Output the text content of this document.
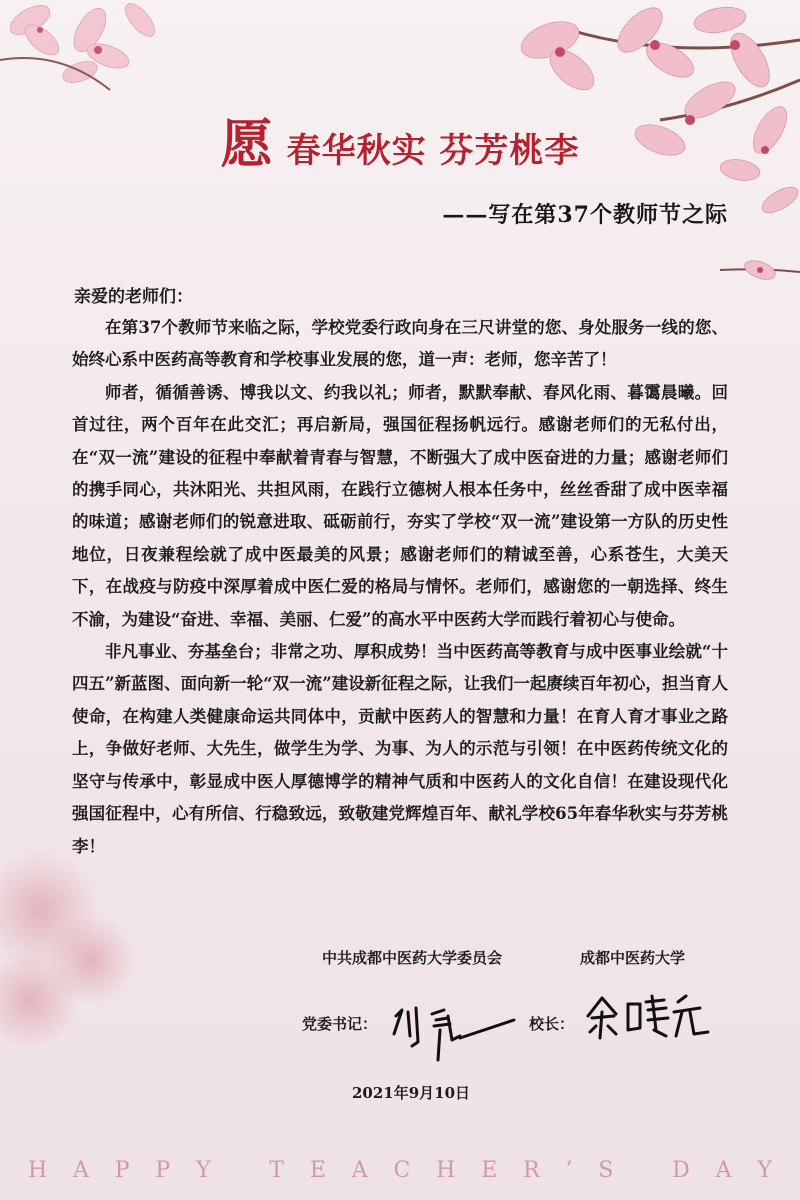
愿春华秋实 芬芳桃李
——写在第37个教师节之际
亲爱的老师们：

在第37个教师节来临之际，学校党委行政向身在三尺讲堂的您、身处服务一线的您、始终心系中医药高等教育和学校事业发展的您，道一声：老师，您辛苦了！

师者，循循善诱、博我以文、约我以礼；师者，默默奉献、春风化雨、暮霭晨曦。回首过往，两个百年在此交汇；再启新局，强国征程扬帆远行。感谢老师们的无私付出，在“双一流”建设的征程中奉献着青春与智慧，不断强大了成中医奋进的力量；感谢老师们的携手同心，共沐阳光、共担风雨，在践行立德树人根本任务中，丝丝香甜了成中医幸福的味道；感谢老师们的锐意进取、砥砺前行，夯实了学校“双一流”建设第一方队的历史性地位，日夜兼程绘就了成中医最美的风景；感谢老师们的精诚至善，心系苍生，大美天下，在战疫与防疫中深厚着成中医仁爱的格局与情怀。老师们，感谢您的一朝选择、终生不渝，为建设“奋进、幸福、美丽、仁爱”的高水平中医药大学而践行着初心与使命。

非凡事业、夯基垒台；非常之功、厚积成势！当中医药高等教育与成中医事业绘就“十四五”新蓝图、面向新一轮“双一流”建设新征程之际，让我们一起赓续百年初心，担当育人使命，在构建人类健康命运共同体中，贡献中医药人的智慧和力量！在育人育才事业之路上，争做好老师、大先生，做学生为学、为事、为人的示范与引领！在中医药传统文化的坚守与传承中，彰显成中医人厚德博学的精神气质和中医药人的文化自信！在建设现代化强国征程中，心有所信、行稳致远，致敬建党辉煌百年、献礼学校65年春华秋实与芬芳桃李！

中共成都中医药大学委员会	成都中医药大学
党委书记：	校长：
2021年9月10日
H A P P Y
	T E A C H E R ’ S
	D A Y
